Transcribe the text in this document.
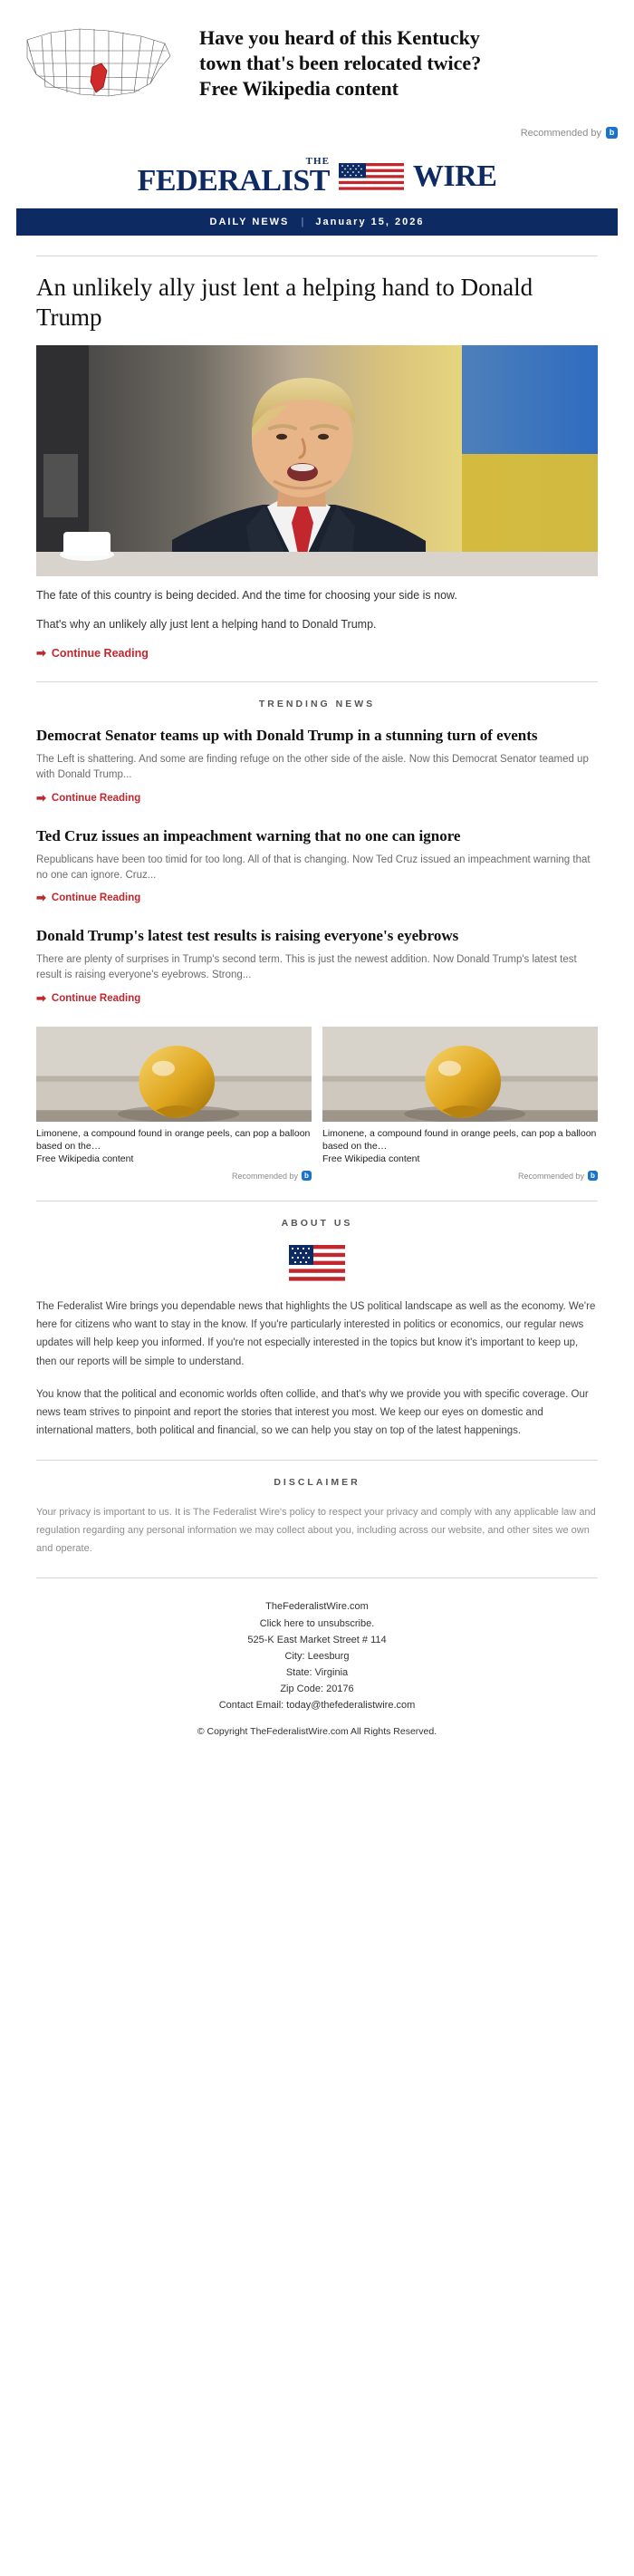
Have you heard of this Kentucky
town that's been relocated twice?
Free Wikipedia content
Recommended by b
THE
FEDERALIST	WIRE
DAILY NEWS | January 15, 2026
An unlikely ally just lent a helping hand to Donald Trump

The fate of this country is being decided. And the time for choosing your side is now.

That's why an unlikely ally just lent a helping hand to Donald Trump.

➡ Continue Reading
TRENDING NEWS
Democrat Senator teams up with Donald Trump in a stunning turn of events

The Left is shattering. And some are finding refuge on the other side of the aisle. Now this Democrat Senator teamed up with Donald Trump...

➡ Continue Reading
Ted Cruz issues an impeachment warning that no one can ignore

Republicans have been too timid for too long. All of that is changing. Now Ted Cruz issued an impeachment warning that no one can ignore. Cruz...

➡ Continue Reading
Donald Trump's latest test results is raising everyone's eyebrows

There are plenty of surprises in Trump's second term. This is just the newest addition. Now Donald Trump's latest test result is raising everyone's eyebrows. Strong...

➡ Continue Reading
Limonene, a compound found in orange peels, can pop a balloon based on the…
Free Wikipedia content
Recommended by b
Limonene, a compound found in orange peels, can pop a balloon based on the…
Free Wikipedia content
Recommended by b
ABOUT US

The Federalist Wire brings you dependable news that highlights the US political landscape as well as the economy. We're here for citizens who want to stay in the know. If you're particularly interested in politics or economics, our regular news updates will help keep you informed. If you're not especially interested in the topics but know it's important to keep up, then our reports will be simple to understand.

You know that the political and economic worlds often collide, and that's why we provide you with specific coverage. Our news team strives to pinpoint and report the stories that interest you most. We keep our eyes on domestic and international matters, both political and financial, so we can help you stay on top of the latest happenings.

DISCLAIMER

Your privacy is important to us. It is The Federalist Wire's policy to respect your privacy and comply with any applicable law and regulation regarding any personal information we may collect about you, including across our website, and other sites we own and operate.

TheFederalistWire.com
Click here to unsubscribe.
525-K East Market Street # 114
City: Leesburg
State: Virginia
Zip Code: 20176
Contact Email: today@thefederalistwire.com
© Copyright TheFederalistWire.com All Rights Reserved.
